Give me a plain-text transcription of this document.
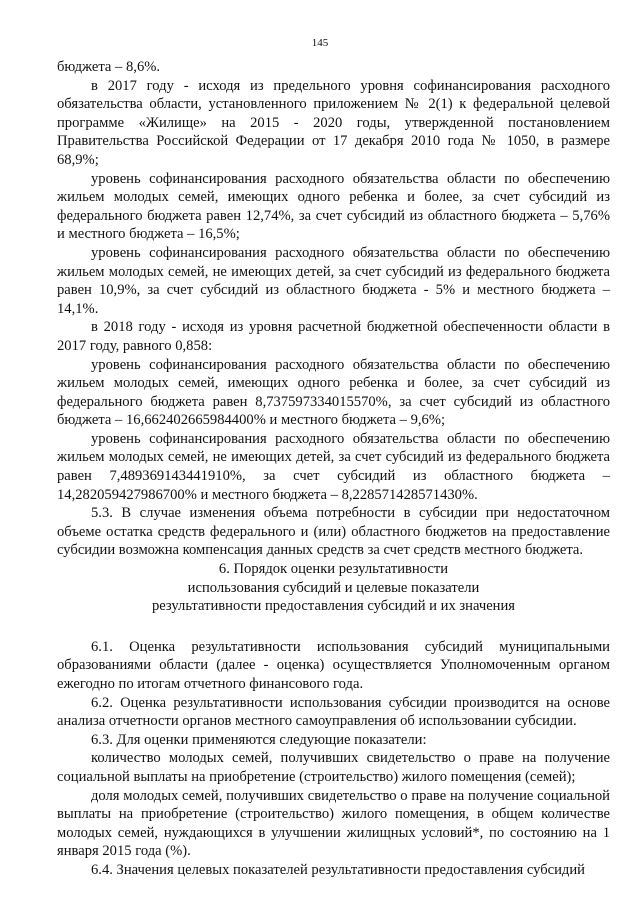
145

бюджета – 8,6%.

в 2017 году - исходя из предельного уровня софинансирования расходного обязательства области, установленного приложением № 2(1) к федеральной целевой программе «Жилище» на 2015 - 2020 годы, утвержденной постановлением Правительства Российской Федерации от 17 декабря 2010 года № 1050, в размере 68,9%;

уровень софинансирования расходного обязательства области по обеспечению жильем молодых семей, имеющих одного ребенка и более, за счет субсидий из федерального бюджета равен 12,74%, за счет субсидий из областного бюджета – 5,76% и местного бюджета – 16,5%;

уровень софинансирования расходного обязательства области по обеспечению жильем молодых семей, не имеющих детей, за счет субсидий из федерального бюджета равен 10,9%, за счет субсидий из областного бюджета - 5% и местного бюджета – 14,1%.

в 2018 году - исходя из уровня расчетной бюджетной обеспеченности области в 2017 году, равного 0,858:

уровень софинансирования расходного обязательства области по обеспечению жильем молодых семей, имеющих одного ребенка и более, за счет субсидий из федерального бюджета равен 8,737597334015570%, за счет субсидий из областного бюджета – 16,662402665984400% и местного бюджета – 9,6%;

уровень софинансирования расходного обязательства области по обеспечению жильем молодых семей, не имеющих детей, за счет субсидий из федерального бюджета равен 7,489369143441910%, за счет субсидий из областного бюджета – 14,282059427986700% и местного бюджета – 8,228571428571430%.

5.3. В случае изменения объема потребности в субсидии при недостаточном объеме остатка средств федерального и (или) областного бюджетов на предоставление субсидии возможна компенсация данных средств за счет средств местного бюджета.

6. Порядок оценки результативности

использования субсидий и целевые показатели

результативности предоставления субсидий и их значения

6.1. Оценка результативности использования субсидий муниципальными образованиями области (далее - оценка) осуществляется Уполномоченным органом ежегодно по итогам отчетного финансового года.

6.2. Оценка результативности использования субсидии производится на основе анализа отчетности органов местного самоуправления об использовании субсидии.

6.3. Для оценки применяются следующие показатели:

количество молодых семей, получивших свидетельство о праве на получение социальной выплаты на приобретение (строительство) жилого помещения (семей);

доля молодых семей, получивших свидетельство о праве на получение социальной выплаты на приобретение (строительство) жилого помещения, в общем количестве молодых семей, нуждающихся в улучшении жилищных условий*, по состоянию на 1 января 2015 года (%).

6.4. Значения целевых показателей результативности предоставления субсидий
